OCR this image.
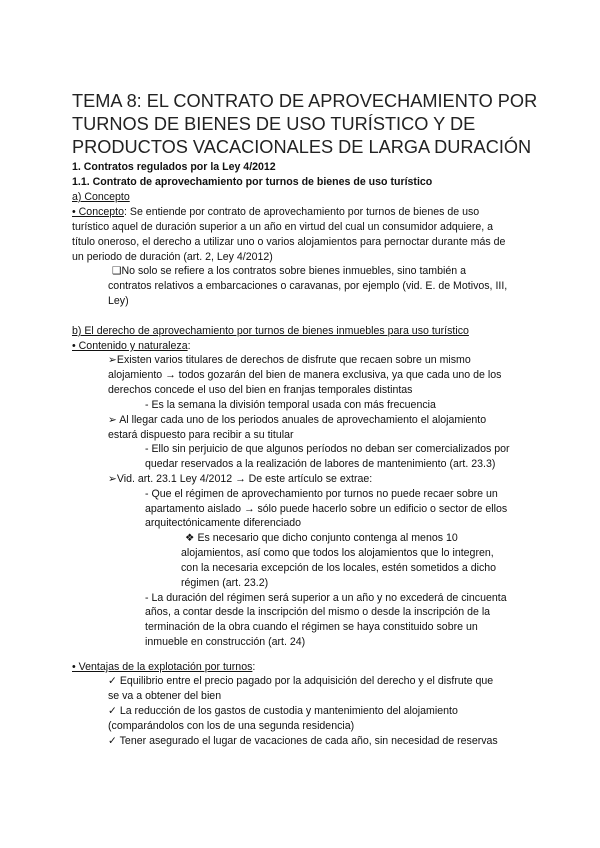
TEMA 8: EL CONTRATO DE APROVECHAMIENTO POR
TURNOS DE BIENES DE USO TURÍSTICO Y DE
PRODUCTOS VACACIONALES DE LARGA DURACIÓN

1. Contratos regulados por la Ley 4/2012

1.1. Contrato de aprovechamiento por turnos de bienes de uso turístico

a) Concepto

• Concepto: Se entiende por contrato de aprovechamiento por turnos de bienes de uso

turístico aquel de duración superior a un año en virtud del cual un consumidor adquiere, a

título oneroso, el derecho a utilizar uno o varios alojamientos para pernoctar durante más de

un periodo de duración (art. 2, Ley 4/2012)

❑No solo se refiere a los contratos sobre bienes inmuebles, sino también a

contratos relativos a embarcaciones o caravanas, por ejemplo (vid. E. de Motivos, III,

Ley)

b) El derecho de aprovechamiento por turnos de bienes inmuebles para uso turístico

• Contenido y naturaleza:

➢Existen varios titulares de derechos de disfrute que recaen sobre un mismo

alojamiento → todos gozarán del bien de manera exclusiva, ya que cada uno de los

derechos concede el uso del bien en franjas temporales distintas

- Es la semana la división temporal usada con más frecuencia

➢ Al llegar cada uno de los periodos anuales de aprovechamiento el alojamiento

estará dispuesto para recibir a su titular

- Ello sin perjuicio de que algunos períodos no deban ser comercializados por

quedar reservados a la realización de labores de mantenimiento (art. 23.3)

➢Vid. art. 23.1 Ley 4/2012 → De este artículo se extrae:

- Que el régimen de aprovechamiento por turnos no puede recaer sobre un

apartamento aislado → sólo puede hacerlo sobre un edificio o sector de ellos

arquitectónicamente diferenciado

❖ Es necesario que dicho conjunto contenga al menos 10

alojamientos, así como que todos los alojamientos que lo integren,

con la necesaria excepción de los locales, estén sometidos a dicho

régimen (art. 23.2)

- La duración del régimen será superior a un año y no excederá de cincuenta

años, a contar desde la inscripción del mismo o desde la inscripción de la

terminación de la obra cuando el régimen se haya constituido sobre un

inmueble en construcción (art. 24)

• Ventajas de la explotación por turnos:

✓ Equilibrio entre el precio pagado por la adquisición del derecho y el disfrute que

se va a obtener del bien

✓ La reducción de los gastos de custodia y mantenimiento del alojamiento

(comparándolos con los de una segunda residencia)

✓ Tener asegurado el lugar de vacaciones de cada año, sin necesidad de reservas
